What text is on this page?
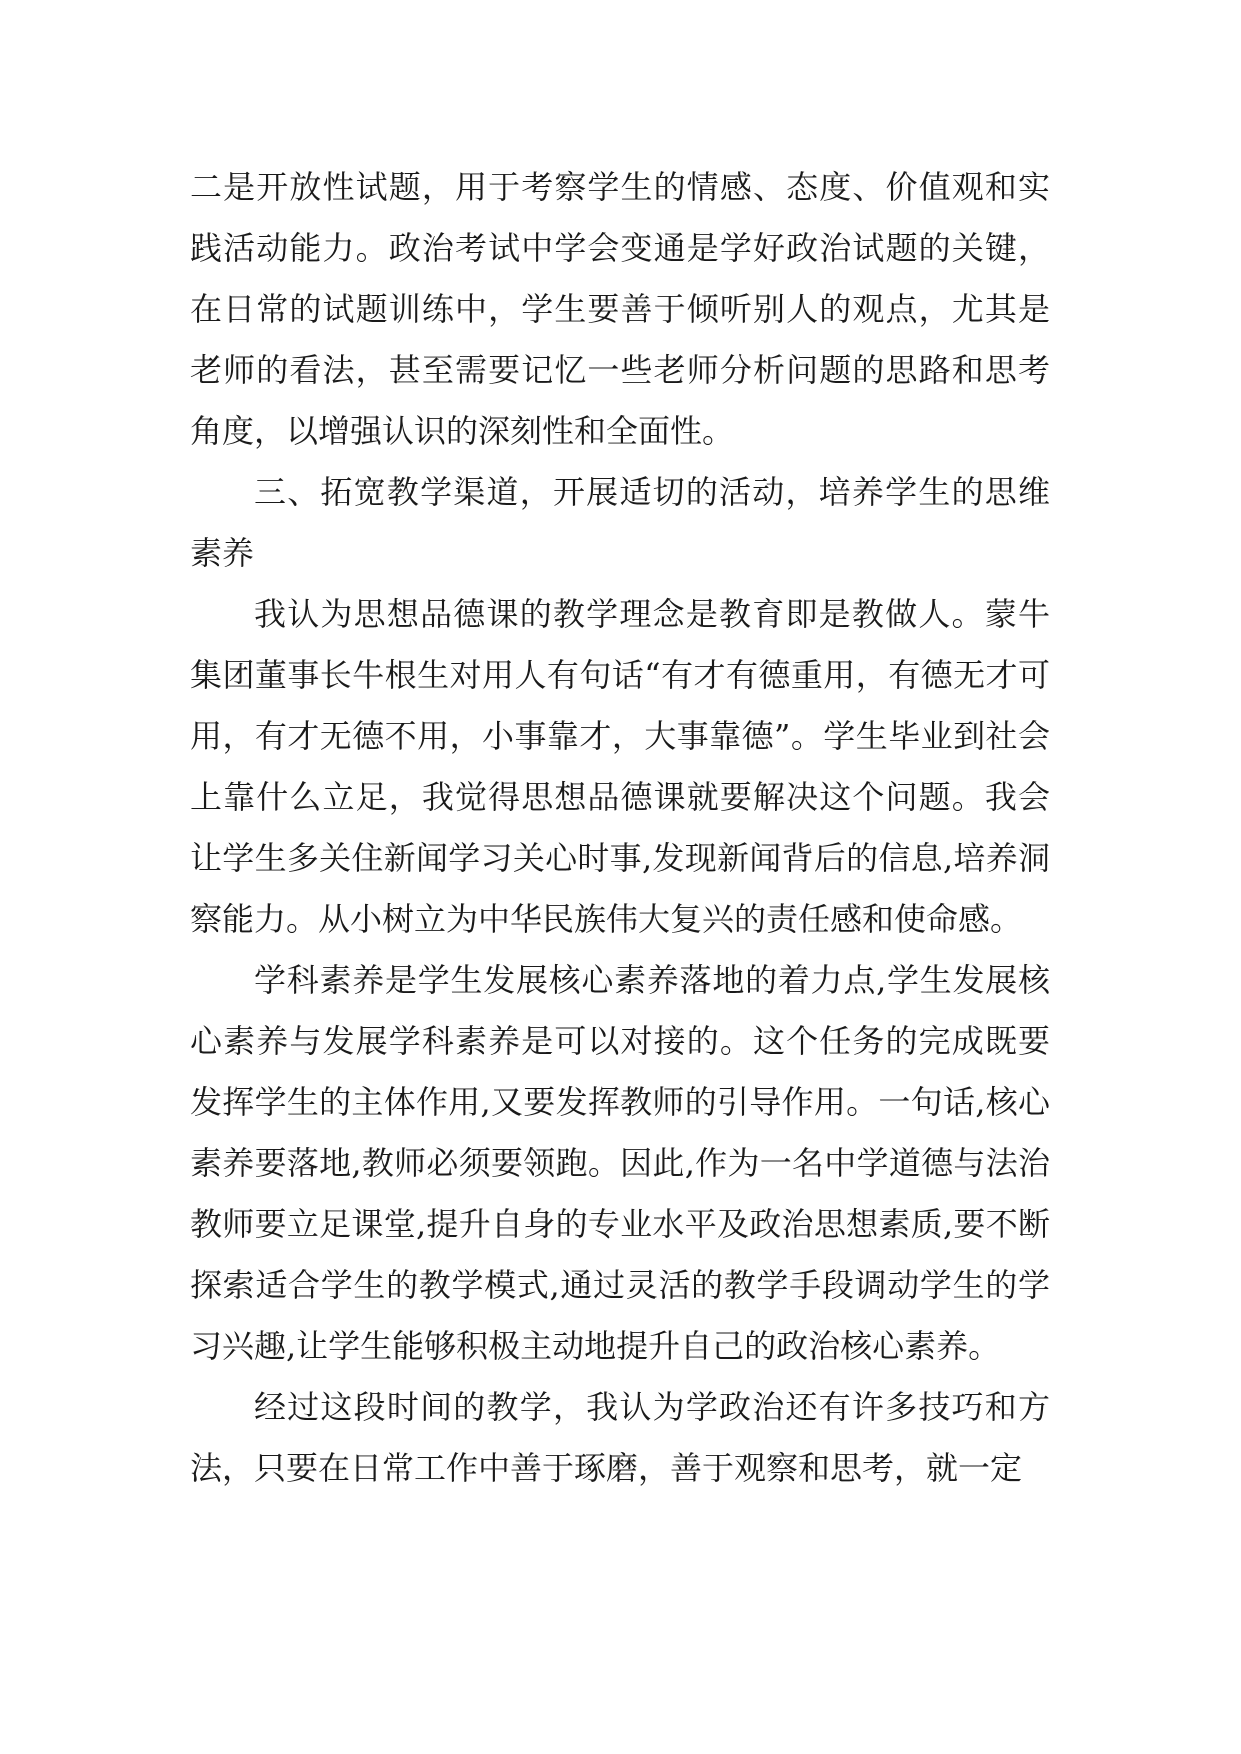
二是开放性试题，用于考察学生的情感、态度、价值观和实践活动能力。政治考试中学会变通是学好政治试题的关键，在日常的试题训练中，学生要善于倾听别人的观点，尤其是老师的看法，甚至需要记忆一些老师分析问题的思路和思考角度，以增强认识的深刻性和全面性。

三、拓宽教学渠道，开展适切的活动，培养学生的思维素养

我认为思想品德课的教学理念是教育即是教做人。蒙牛集团董事长牛根生对用人有句话“有才有德重用，有德无才可用，有才无德不用，小事靠才，大事靠德”。学生毕业到社会上靠什么立足，我觉得思想品德课就要解决这个问题。我会让学生多关住新闻学习关心时事,发现新闻背后的信息,培养洞察能力。从小树立为中华民族伟大复兴的责任感和使命感。

学科素养是学生发展核心素养落地的着力点,学生发展核心素养与发展学科素养是可以对接的。这个任务的完成既要发挥学生的主体作用,又要发挥教师的引导作用。一句话,核心素养要落地,教师必须要领跑。因此,作为一名中学道德与法治教师要立足课堂,提升自身的专业水平及政治思想素质,要不断探索适合学生的教学模式,通过灵活的教学手段调动学生的学习兴趣,让学生能够积极主动地提升自己的政治核心素养。

经过这段时间的教学，我认为学政治还有许多技巧和方法，只要在日常工作中善于琢磨，善于观察和思考，就一定
